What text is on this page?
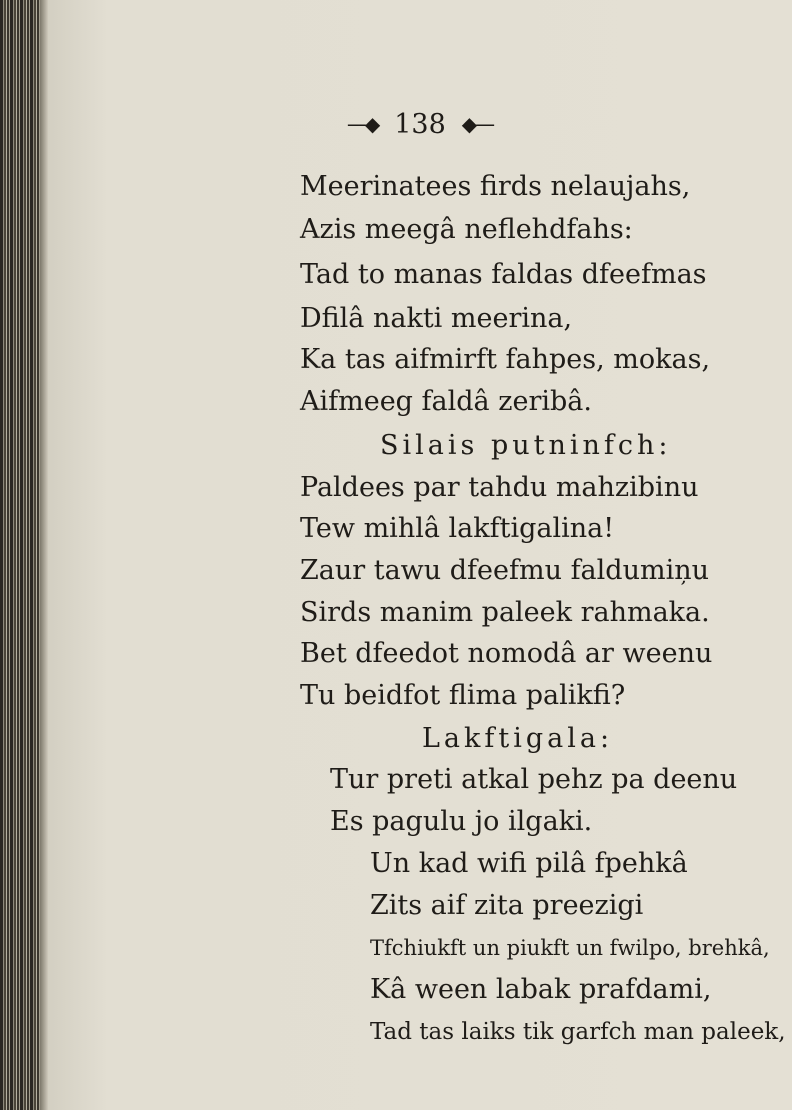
—◆ 138 ◆—
Meerinatees firds nelaujahs,
Azis meegâ neflehdfahs:
Tad to manas faldas dfeefmas
Dfilâ nakti meerina,
Ka tas aifmirft fahpes, mokas,
Aifmeeg faldâ zeribâ.
Silais putninfch:
Paldees par tahdu mahzibinu
Tew mihlâ lakftigalina!
Zaur tawu dfeefmu faldumiņu
Sirds manim paleek rahmaka.
Bet dfeedot nomodâ ar weenu
Tu beidfot flima palikfi?
Lakftigala:
Tur preti atkal pehz pa deenu
Es pagulu jo ilgaki.
Un kad wifi pilâ fpehkâ
Zits aif zita preezigi
Tfchiukft un piukft un fwilpo, brehkâ,
Kâ ween labak prafdami,
Tad tas laiks tik garfch man paleek,
